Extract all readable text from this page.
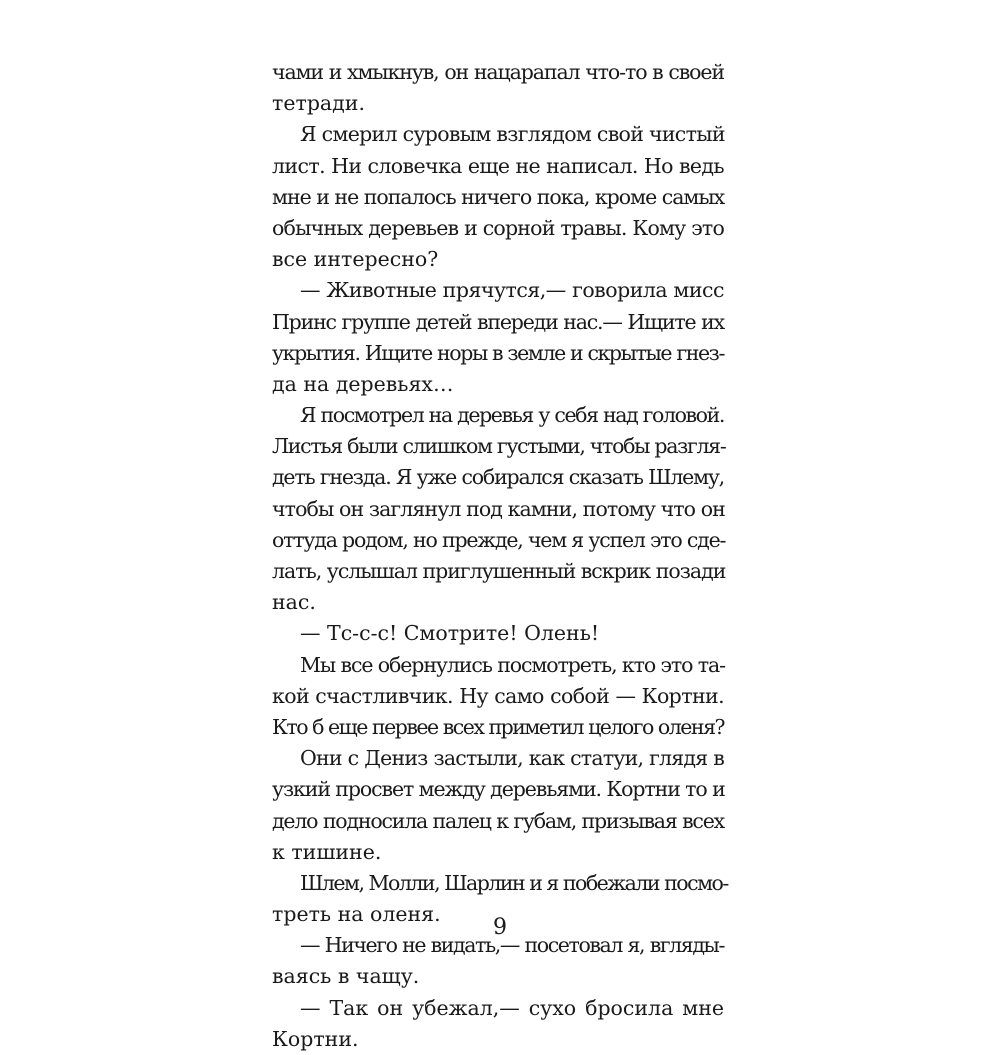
чами и хмыкнув, он нацарапал что-то в своей
тетради.
Я смерил суровым взглядом свой чистый
лист. Ни словечка еще не написал. Но ведь
мне и не попалось ничего пока, кроме самых
обычных деревьев и сорной травы. Кому это
все интересно?
— Животные прячутся,— говорила мисс
Принс группе детей впереди нас.— Ищите их
укрытия. Ищите норы в земле и скрытые гнез-
да на деревьях…
Я посмотрел на деревья у себя над головой.
Листья были слишком густыми, чтобы разгля-
деть гнезда. Я уже собирался сказать Шлему,
чтобы он заглянул под камни, потому что он
оттуда родом, но прежде, чем я успел это сде-
лать, услышал приглушенный вскрик позади
нас.
— Тс-с-с! Смотрите! Олень!
Мы все обернулись посмотреть, кто это та-
кой счастливчик. Ну само собой — Кортни.
Кто б еще первее всех приметил целого оленя?
Они с Дениз застыли, как статуи, глядя в
узкий просвет между деревьями. Кортни то и
дело подносила палец к губам, призывая всех
к тишине.
Шлем, Молли, Шарлин и я побежали посмо-
треть на оленя.
— Ничего не видать,— посетовал я, вгляды-
ваясь в чащу.
— Так он убежал,— сухо бросила мне
Кортни.
9
